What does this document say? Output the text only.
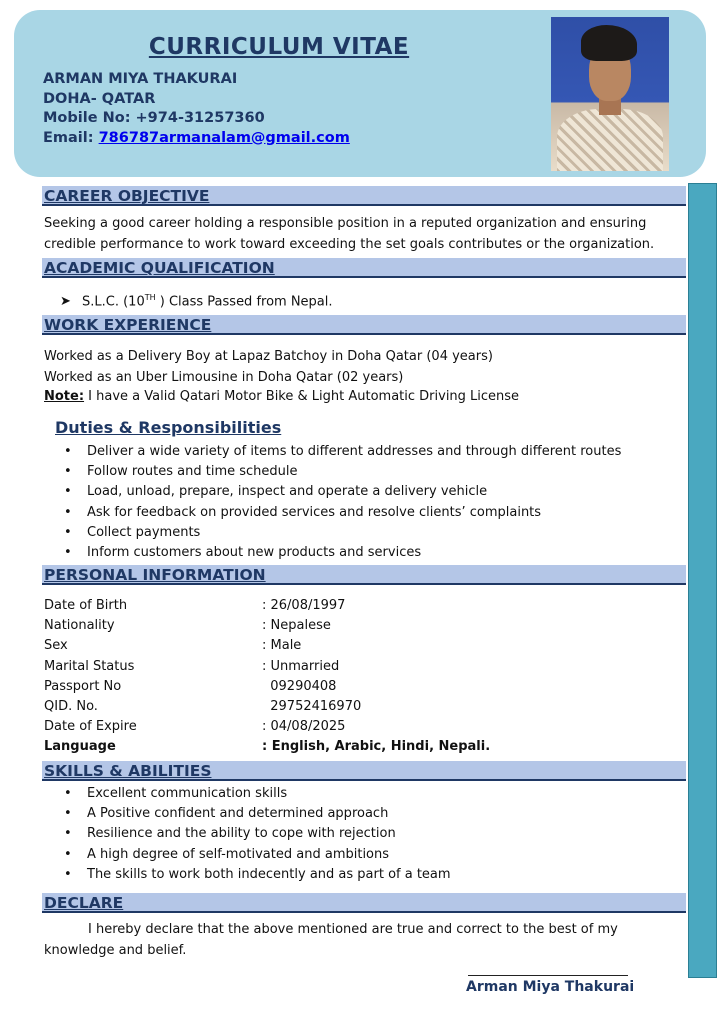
CURRICULUM VITAE
ARMAN MIYA THAKURAI
DOHA- QATAR
Mobile No: +974-31257360
Email: 786787armanalam@gmail.com
CAREER OBJECTIVE
Seeking a good career holding a responsible position in a reputed organization and ensuring
credible performance to work toward exceeding the set goals contributes or the organization.
ACADEMIC QUALIFICATION
➤ S.L.C. (10TH ) Class Passed from Nepal.
WORK EXPERIENCE
Worked as a Delivery Boy at Lapaz Batchoy in Doha Qatar (04 years)
Worked as an Uber Limousine in Doha Qatar (02 years)
Note: I have a Valid Qatari Motor Bike & Light Automatic Driving License
Duties & Responsibilities
• Deliver a wide variety of items to different addresses and through different routes
• Follow routes and time schedule
• Load, unload, prepare, inspect and operate a delivery vehicle
• Ask for feedback on provided services and resolve clients’ complaints
• Collect payments
• Inform customers about new products and services
PERSONAL INFORMATION
Date of Birth	: 26/08/1997
Nationality	: Nepalese
Sex	: Male
Marital Status	: Unmarried
Passport No	09290408
QID. No.	29752416970
Date of Expire	: 04/08/2025
Language	: English, Arabic, Hindi, Nepali.
SKILLS & ABILITIES
• Excellent communication skills
• A Positive confident and determined approach
• Resilience and the ability to cope with rejection
• A high degree of self-motivated and ambitions
• The skills to work both indecently and as part of a team
DECLARE
I hereby declare that the above mentioned are true and correct to the best of my knowledge and belief.
Arman Miya Thakurai
